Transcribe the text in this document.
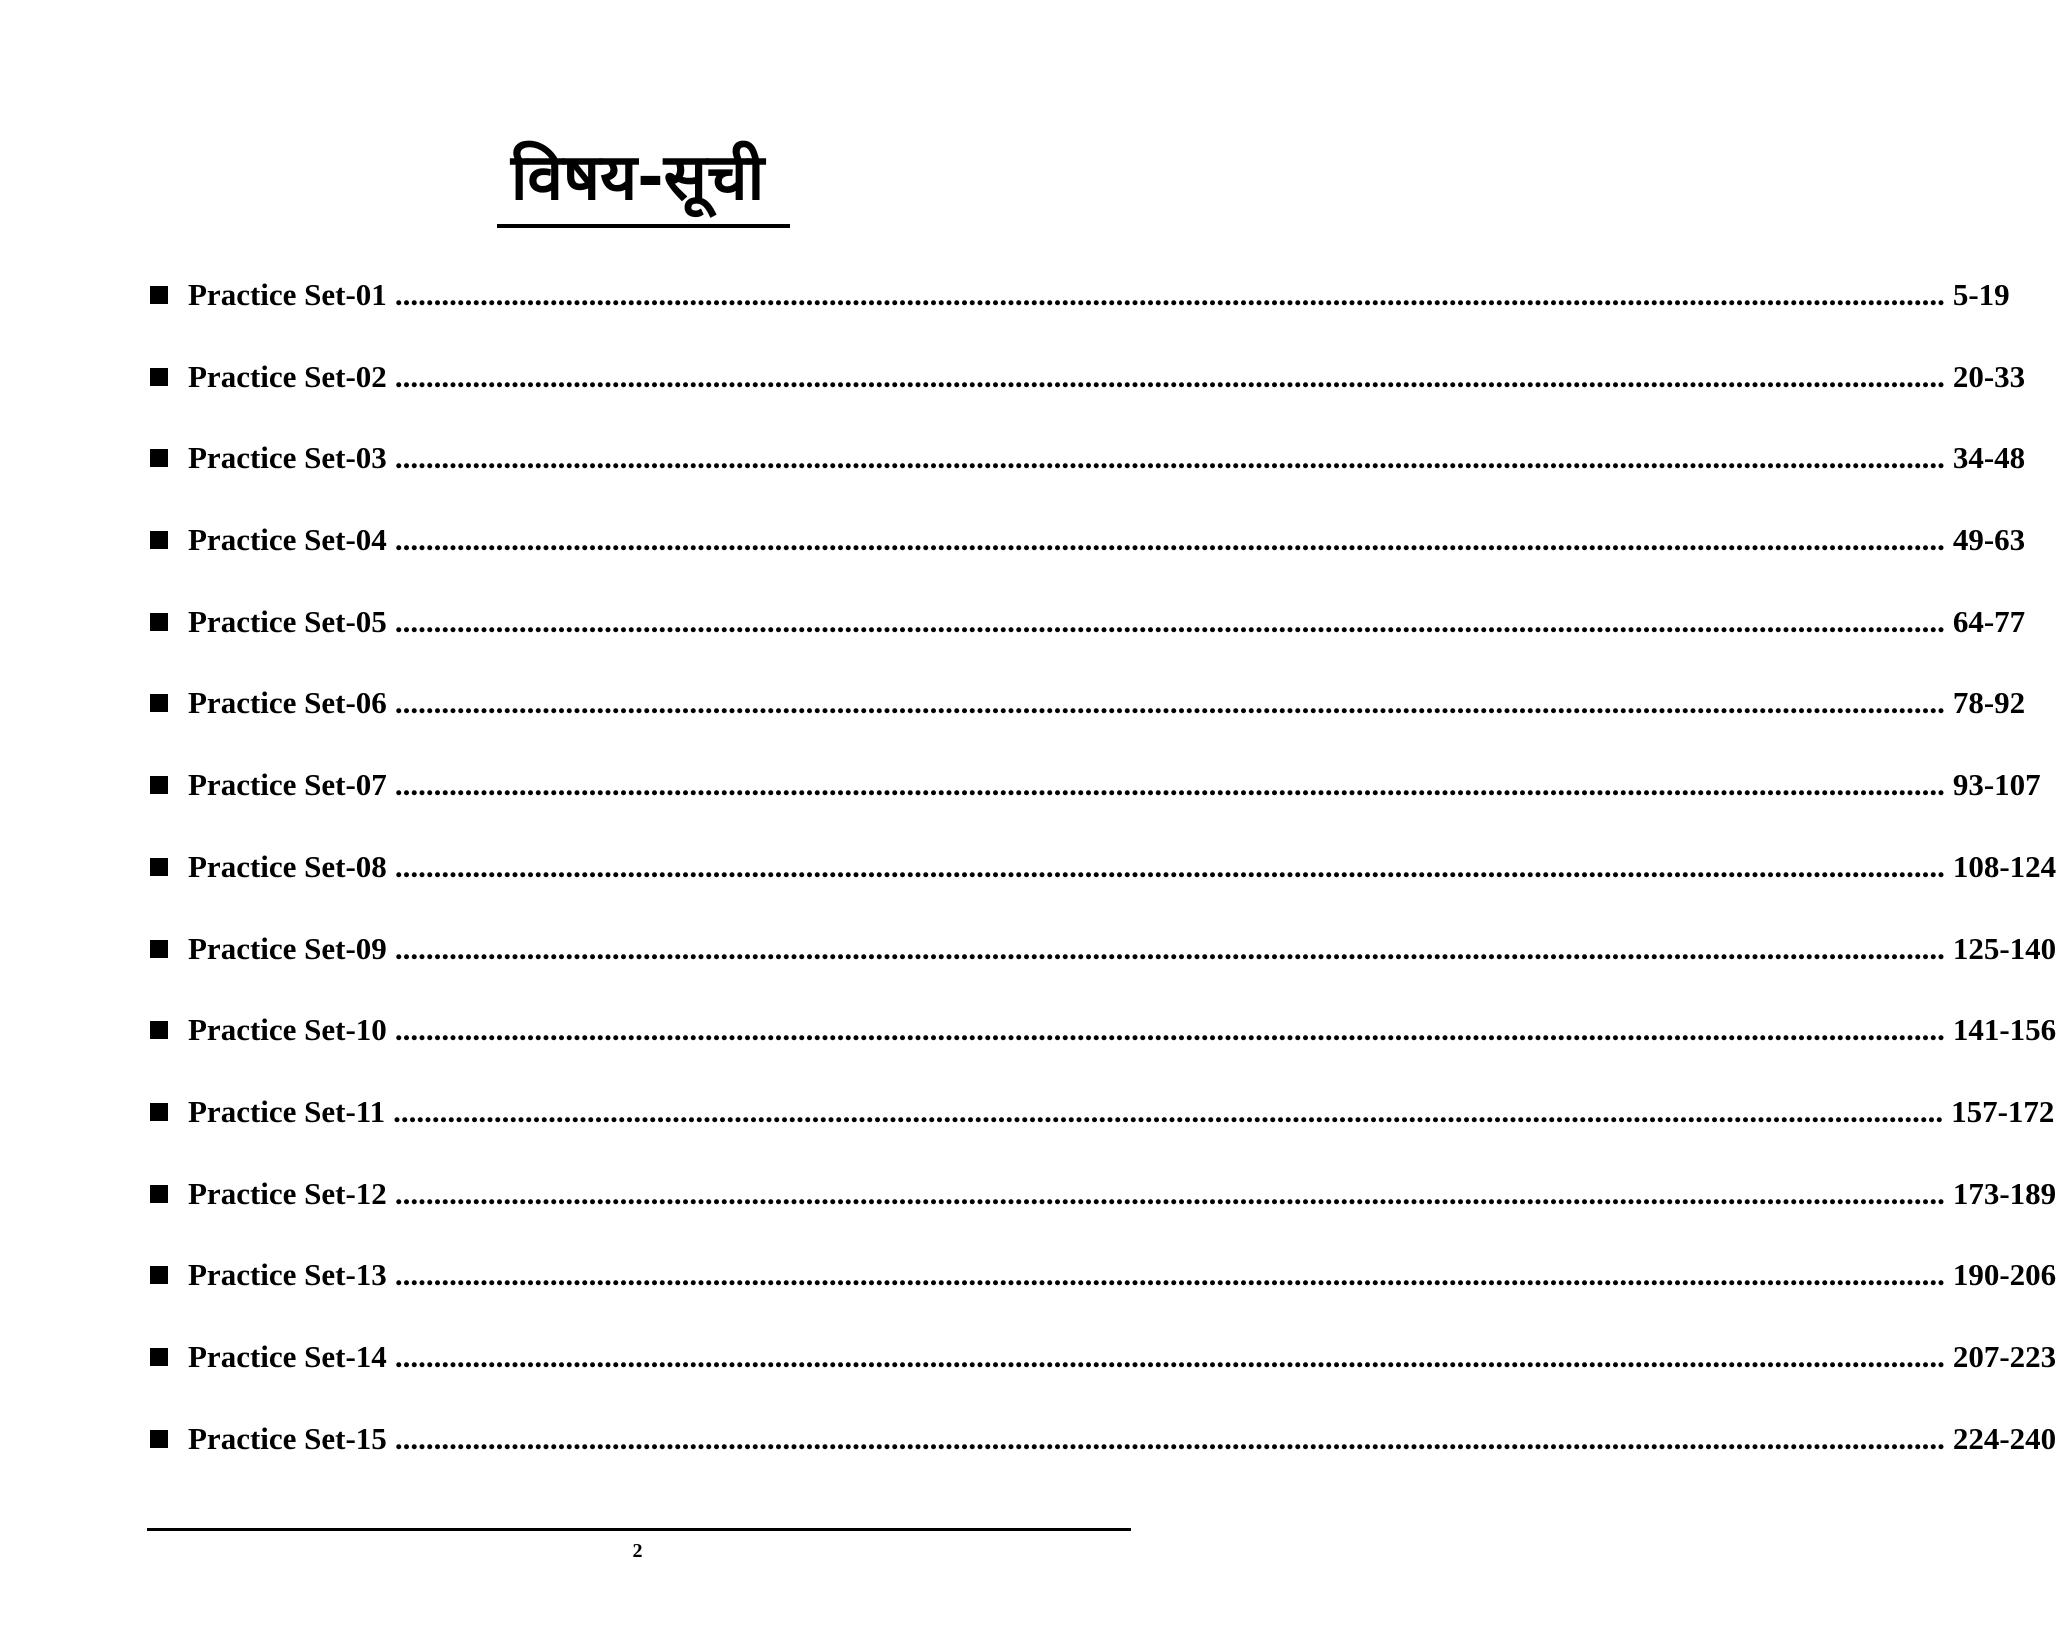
विषय-सूची
Practice Set-01 ........................................................................................................................................................................................................ 5-19
Practice Set-02 ........................................................................................................................................................................................................ 20-33
Practice Set-03 ........................................................................................................................................................................................................ 34-48
Practice Set-04 ........................................................................................................................................................................................................ 49-63
Practice Set-05 ........................................................................................................................................................................................................ 64-77
Practice Set-06 ........................................................................................................................................................................................................ 78-92
Practice Set-07 ........................................................................................................................................................................................................ 93-107
Practice Set-08 ........................................................................................................................................................................................................ 108-124
Practice Set-09 ........................................................................................................................................................................................................ 125-140
Practice Set-10 ........................................................................................................................................................................................................ 141-156
Practice Set-11 ........................................................................................................................................................................................................ 157-172
Practice Set-12 ........................................................................................................................................................................................................ 173-189
Practice Set-13 ........................................................................................................................................................................................................ 190-206
Practice Set-14 ........................................................................................................................................................................................................ 207-223
Practice Set-15 ........................................................................................................................................................................................................ 224-240
2
